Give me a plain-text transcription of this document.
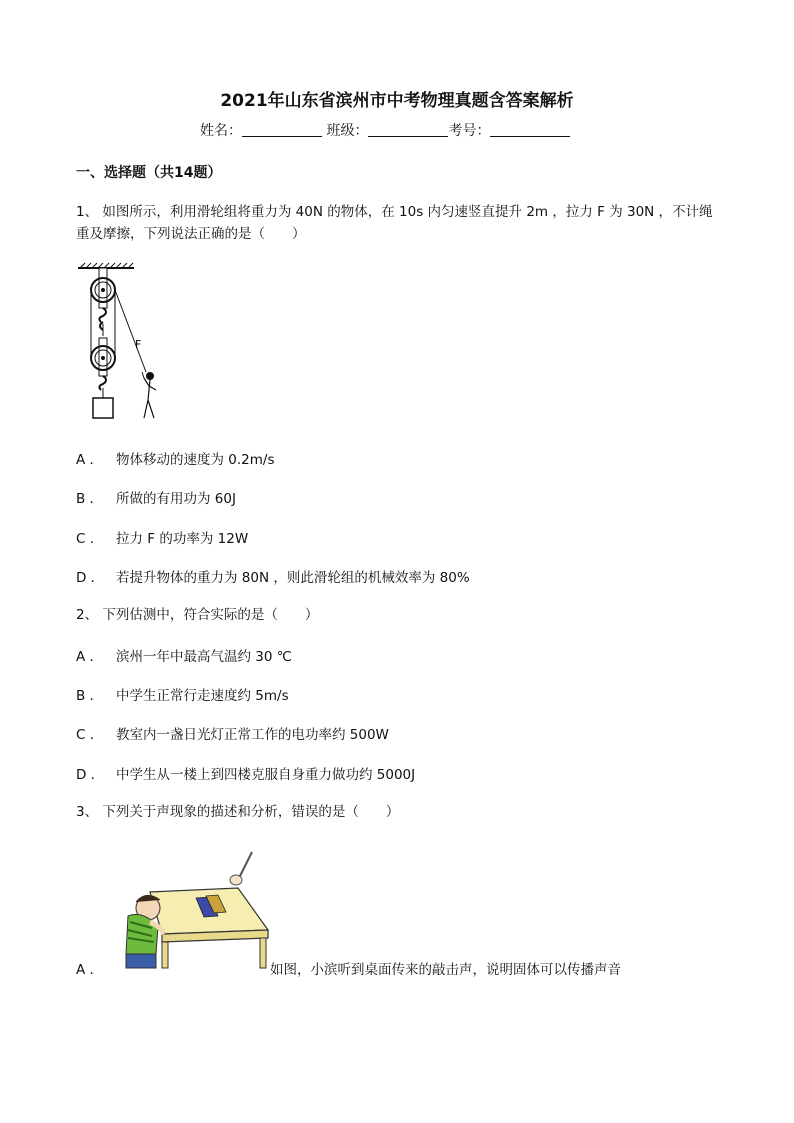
2021年山东省滨州市中考物理真题含答案解析
姓名：	班级：	考号：
一、选择题（共14题）
1、 如图所示，利用滑轮组将重力为 40N 的物体，在 10s 内匀速竖直提升 2m ，拉力 F 为 30N ，不计绳重及摩擦，下列说法正确的是（　　）
F
A ． 物体移动的速度为 0.2m/s
B ． 所做的有用功为 60J
C ． 拉力 F 的功率为 12W
D ． 若提升物体的重力为 80N ，则此滑轮组的机械效率为 80%
2、 下列估测中，符合实际的是（　　）
A ． 滨州一年中最高气温约 30 ℃
B ． 中学生正常行走速度约 5m/s
C ． 教室内一盏日光灯正常工作的电功率约 500W
D ． 中学生从一楼上到四楼克服自身重力做功约 5000J
3、 下列关于声现象的描述和分析，错误的是（　　）
A ．	如图，小滨听到桌面传来的敲击声，说明固体可以传播声音
